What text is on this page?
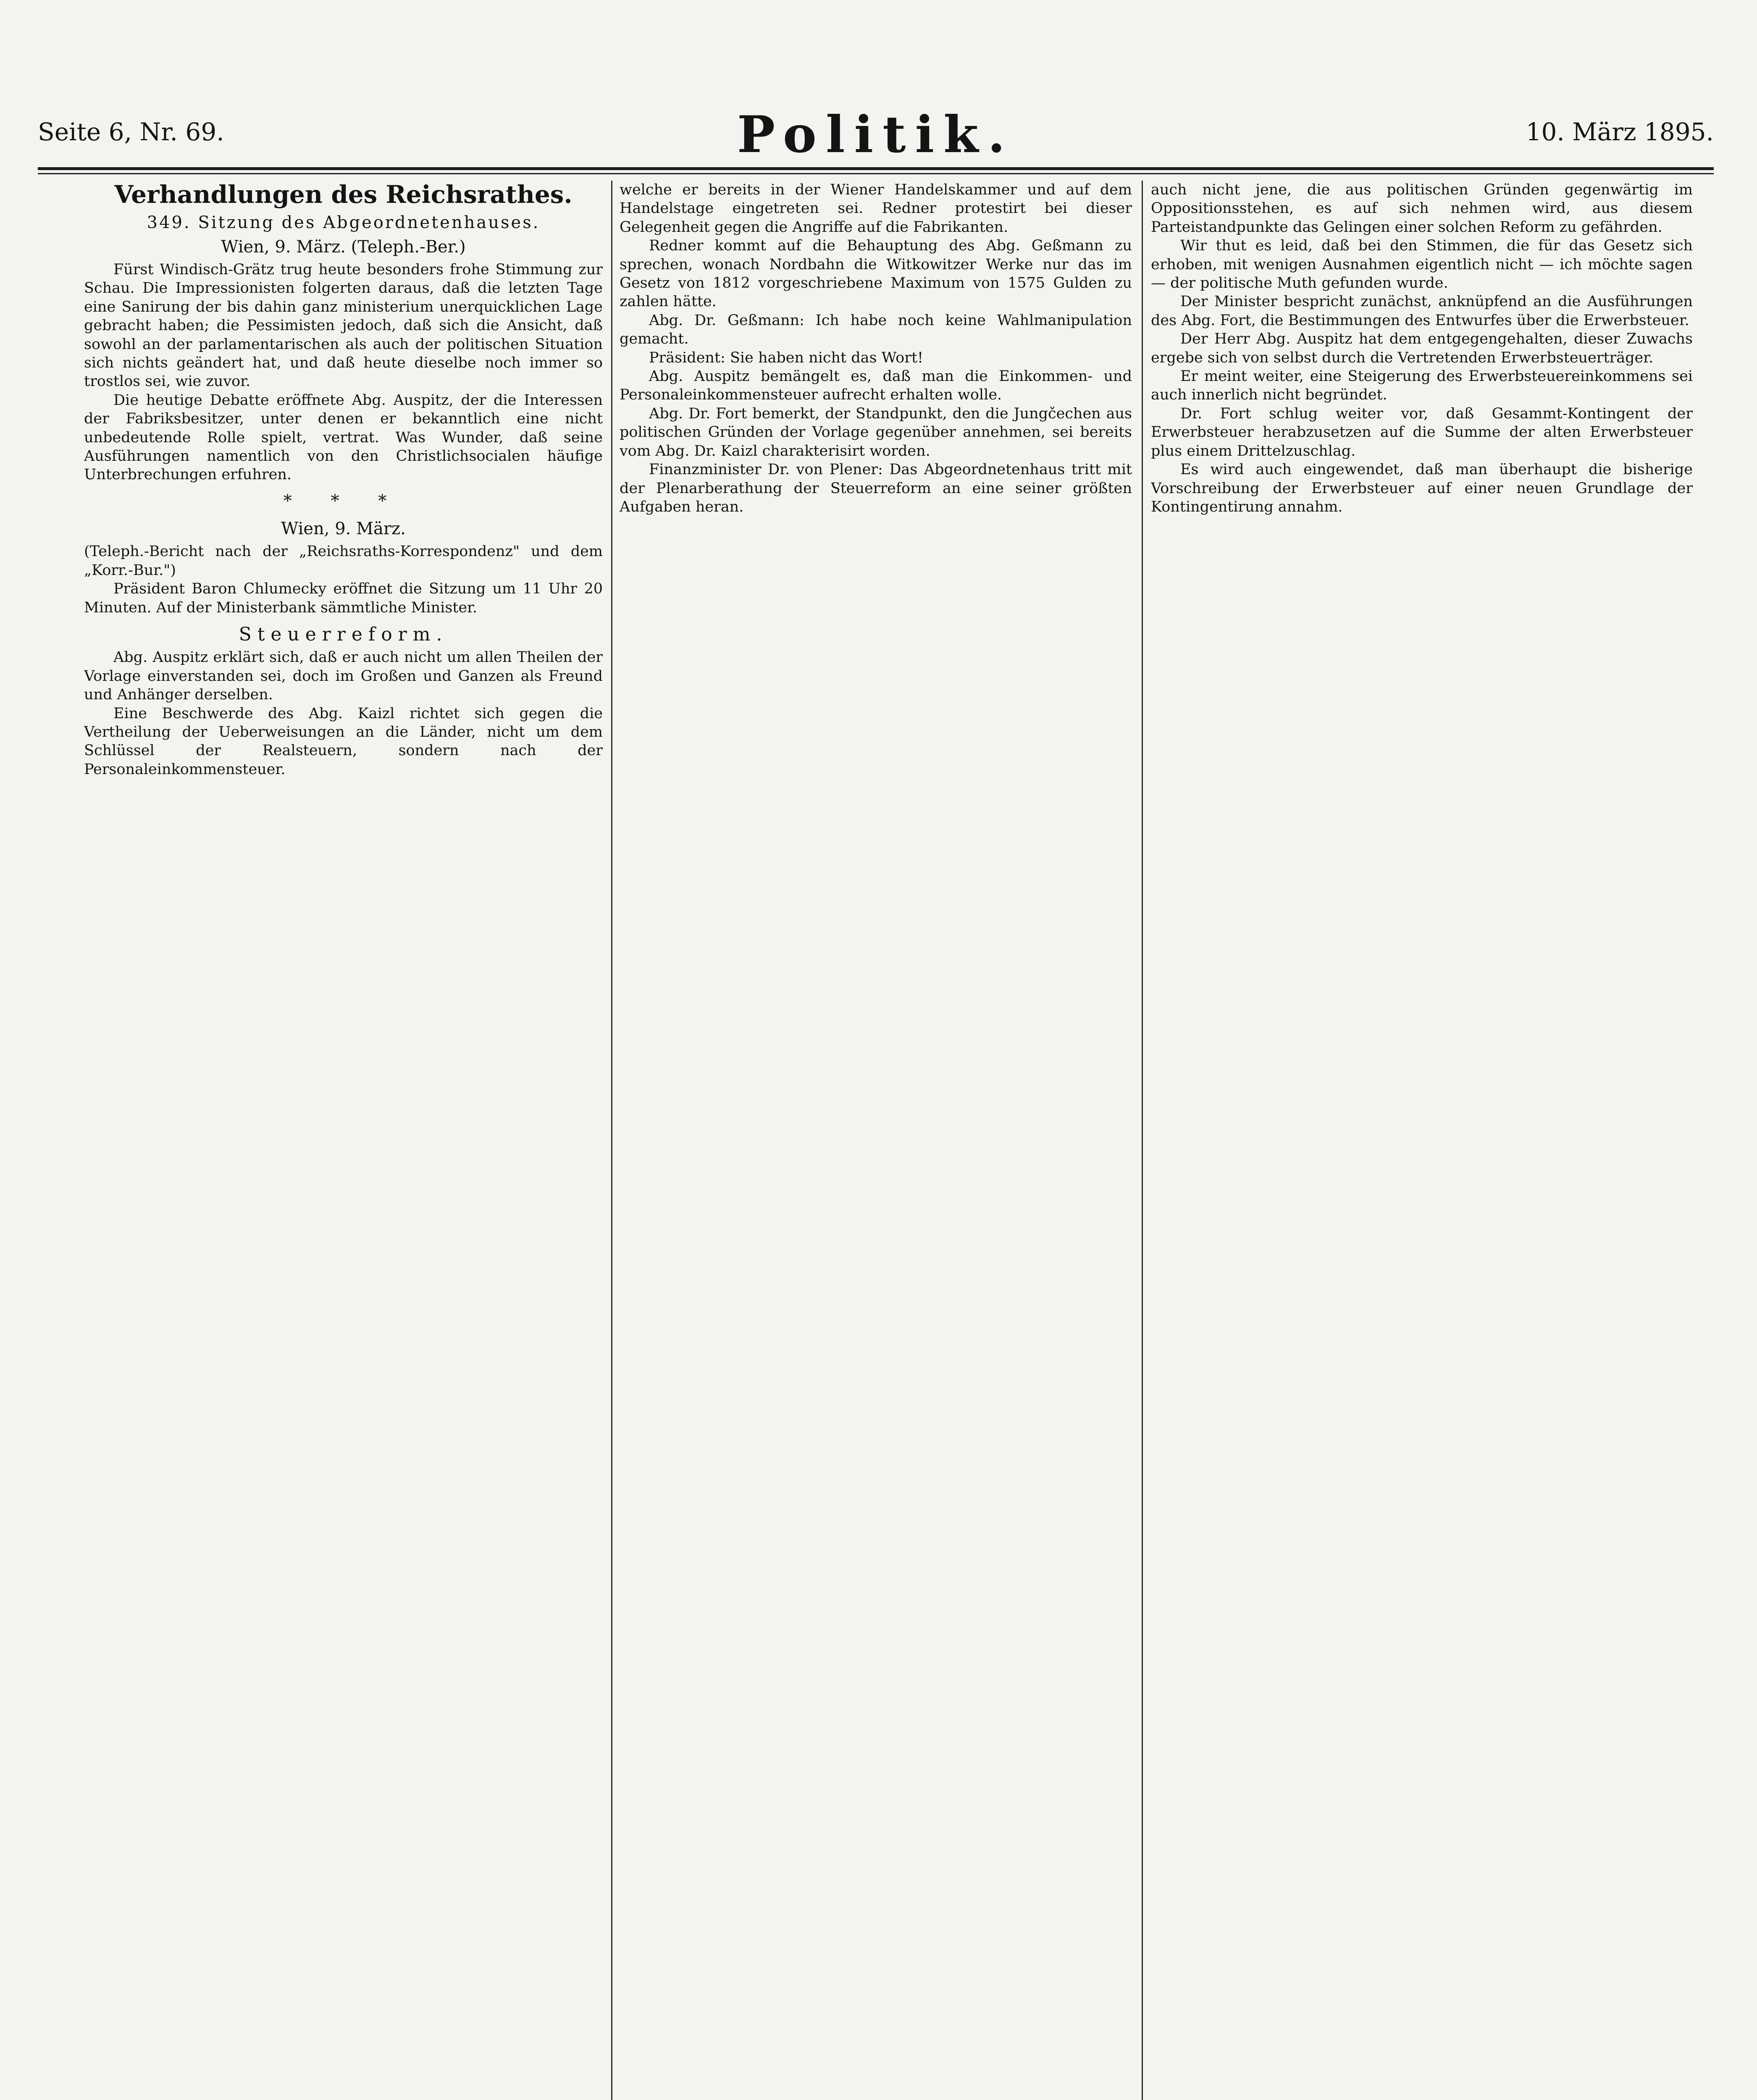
Seite 6, Nr. 69.	Politik.	10. März 1895.
Verhandlungen des Reichsrathes.
349. Sitzung des Abgeordnetenhauses.
Wien, 9. März. (Teleph.-Ber.)

Fürst Windisch-Grätz trug heute besonders frohe Stimmung zur Schau. Die Impressionisten folgerten daraus, daß die letzten Tage eine Sanirung der bis dahin ganz ministerium unerquicklichen Lage gebracht haben; die Pessimisten jedoch, daß sich die Ansicht, daß sowohl an der parlamentarischen als auch der politischen Situation sich nichts geändert hat, und daß heute dieselbe noch immer so trostlos sei, wie zuvor.

Die heutige Debatte eröffnete Abg. Auspitz, der die Interessen der Fabriksbesitzer, unter denen er bekanntlich eine nicht unbedeutende Rolle spielt, vertrat. Was Wunder, daß seine Ausführungen namentlich von den Christlichsocialen häufige Unterbrechungen erfuhren.

* * *
Wien, 9. März.

(Teleph.-Bericht nach der „Reichsraths-Korrespondenz" und dem „Korr.-Bur.")

Präsident Baron Chlumecky eröffnet die Sitzung um 11 Uhr 20 Minuten. Auf der Ministerbank sämmtliche Minister.

Steuerreform.

Abg. Auspitz erklärt sich, daß er auch nicht um allen Theilen der Vorlage einverstanden sei, doch im Großen und Ganzen als Freund und Anhänger derselben.

Eine Beschwerde des Abg. Kaizl richtet sich gegen die Vertheilung der Ueberweisungen an die Länder, nicht um dem Schlüssel der Realsteuern, sondern nach der Personaleinkommensteuer.

welche er bereits in der Wiener Handelskammer und auf dem Handelstage eingetreten sei. Redner protestirt bei dieser Gelegenheit gegen die Angriffe auf die Fabrikanten.

Redner kommt auf die Behauptung des Abg. Geßmann zu sprechen, wonach Nordbahn die Witkowitzer Werke nur das im Gesetz von 1812 vorgeschriebene Maximum von 1575 Gulden zu zahlen hätte.

Abg. Dr. Geßmann: Ich habe noch keine Wahlmanipulation gemacht.

Präsident: Sie haben nicht das Wort!

Abg. Auspitz bemängelt es, daß man die Einkommen- und Personaleinkommensteuer aufrecht erhalten wolle.

Abg. Dr. Fort bemerkt, der Standpunkt, den die Jungčechen aus politischen Gründen der Vorlage gegenüber annehmen, sei bereits vom Abg. Dr. Kaizl charakterisirt worden.

Finanzminister Dr. von Plener: Das Abgeordnetenhaus tritt mit der Plenarberathung der Steuerreform an eine seiner größten Aufgaben heran.

auch nicht jene, die aus politischen Gründen gegenwärtig im Oppositionsstehen, es auf sich nehmen wird, aus diesem Parteistandpunkte das Gelingen einer solchen Reform zu gefährden.

Wir thut es leid, daß bei den Stimmen, die für das Gesetz sich erhoben, mit wenigen Ausnahmen eigentlich nicht — ich möchte sagen — der politische Muth gefunden wurde.

Der Minister bespricht zunächst, anknüpfend an die Ausführungen des Abg. Fort, die Bestimmungen des Entwurfes über die Erwerbsteuer.

Der Herr Abg. Auspitz hat dem entgegengehalten, dieser Zuwachs ergebe sich von selbst durch die Vertretenden Erwerbsteuerträger.

Er meint weiter, eine Steigerung des Erwerbsteuereinkommens sei auch innerlich nicht begründet.

Dr. Fort schlug weiter vor, daß Gesammt-Kontingent der Erwerbsteuer herabzusetzen auf die Summe der alten Erwerbsteuer plus einem Drittelzuschlag.

Es wird auch eingewendet, daß man überhaupt die bisherige Vorschreibung der Erwerbsteuer auf einer neuen Grundlage der Kontingentirung annahm.
